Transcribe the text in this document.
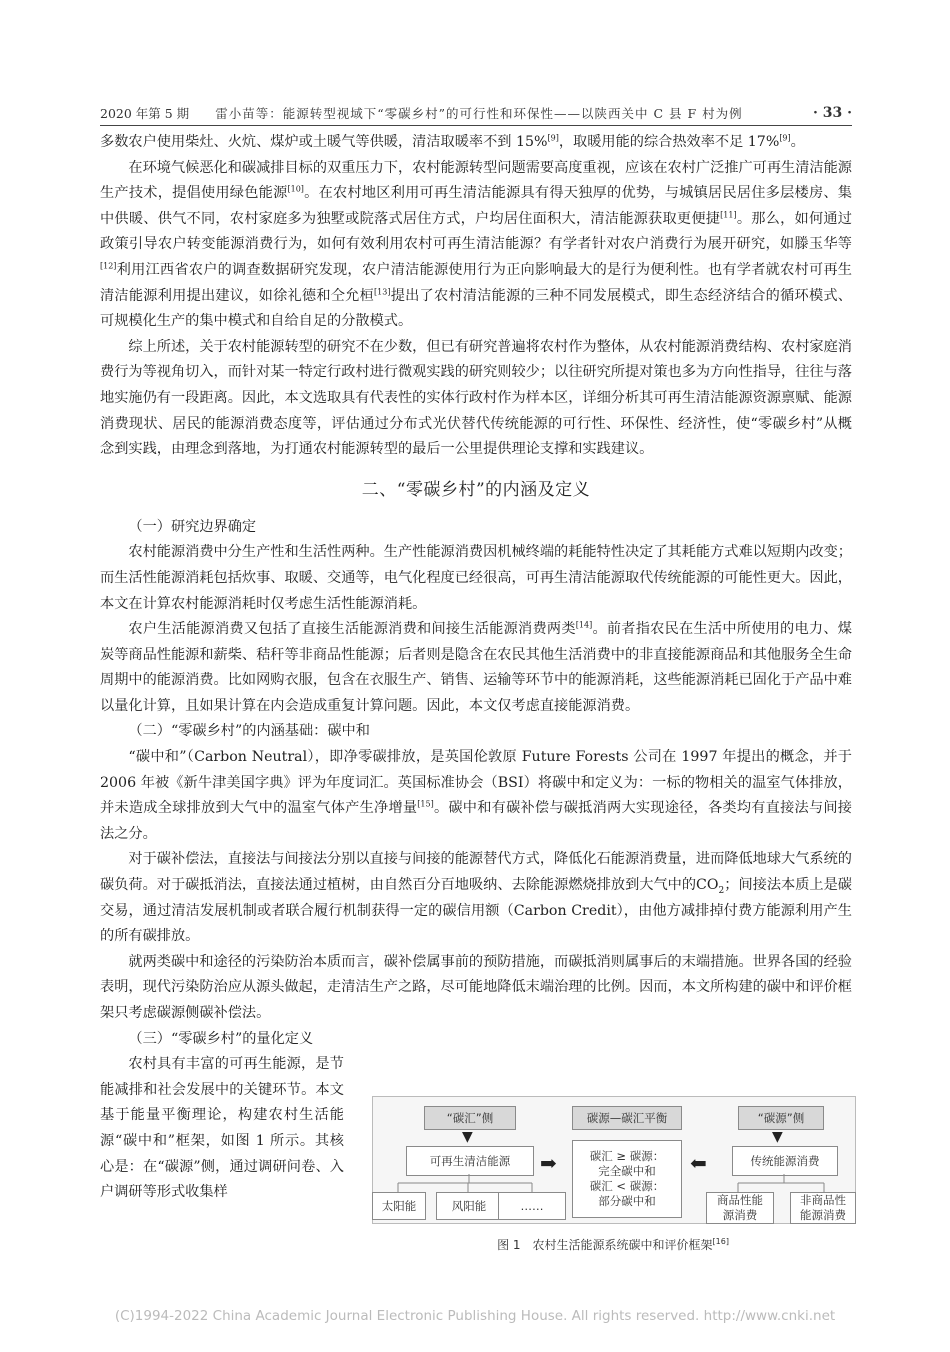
2020 年第 5 期 雷小苗等：能源转型视域下“零碳乡村”的可行性和环保性——以陕西关中 C 县 F 村为例	· 33 ·

多数农户使用柴灶、火炕、煤炉或土暖气等供暖，清洁取暖率不到 15%[9]，取暖用能的综合热效率不足 17%[9]。

在环境气候恶化和碳减排目标的双重压力下，农村能源转型问题需要高度重视，应该在农村广泛推广可再生清洁能源生产技术，提倡使用绿色能源[10]。在农村地区利用可再生清洁能源具有得天独厚的优势，与城镇居民居住多层楼房、集中供暖、供气不同，农村家庭多为独墅或院落式居住方式，户均居住面积大，清洁能源获取更便捷[11]。那么，如何通过政策引导农户转变能源消费行为，如何有效利用农村可再生清洁能源？有学者针对农户消费行为展开研究，如滕玉华等[12]利用江西省农户的调查数据研究发现，农户清洁能源使用行为正向影响最大的是行为便利性。也有学者就农村可再生清洁能源利用提出建议，如徐礼德和仝允桓[13]提出了农村清洁能源的三种不同发展模式，即生态经济结合的循环模式、可规模化生产的集中模式和自给自足的分散模式。

综上所述，关于农村能源转型的研究不在少数，但已有研究普遍将农村作为整体，从农村能源消费结构、农村家庭消费行为等视角切入，而针对某一特定行政村进行微观实践的研究则较少；以往研究所提对策也多为方向性指导，往往与落地实施仍有一段距离。因此，本文选取具有代表性的实体行政村作为样本区，详细分析其可再生清洁能源资源禀赋、能源消费现状、居民的能源消费态度等，评估通过分布式光伏替代传统能源的可行性、环保性、经济性，使“零碳乡村”从概念到实践，由理念到落地，为打通农村能源转型的最后一公里提供理论支撑和实践建议。

二、“零碳乡村”的内涵及定义

（一）研究边界确定

农村能源消费中分生产性和生活性两种。生产性能源消费因机械终端的耗能特性决定了其耗能方式难以短期内改变；而生活性能源消耗包括炊事、取暖、交通等，电气化程度已经很高，可再生清洁能源取代传统能源的可能性更大。因此，本文在计算农村能源消耗时仅考虑生活性能源消耗。

农户生活能源消费又包括了直接生活能源消费和间接生活能源消费两类[14]。前者指农民在生活中所使用的电力、煤炭等商品性能源和薪柴、秸秆等非商品性能源；后者则是隐含在农民其他生活消费中的非直接能源商品和其他服务全生命周期中的能源消费。比如网购衣服，包含在衣服生产、销售、运输等环节中的能源消耗，这些能源消耗已固化于产品中难以量化计算，且如果计算在内会造成重复计算问题。因此，本文仅考虑直接能源消费。

（二）“零碳乡村”的内涵基础：碳中和

“碳中和”（Carbon Neutral），即净零碳排放，是英国伦敦原 Future Forests 公司在 1997 年提出的概念，并于 2006 年被《新牛津美国字典》评为年度词汇。英国标准协会（BSI）将碳中和定义为：一标的物相关的温室气体排放，并未造成全球排放到大气中的温室气体产生净增量[15]。碳中和有碳补偿与碳抵消两大实现途径，各类均有直接法与间接法之分。

对于碳补偿法，直接法与间接法分别以直接与间接的能源替代方式，降低化石能源消费量，进而降低地球大气系统的碳负荷。对于碳抵消法，直接法通过植树，由自然百分百地吸纳、去除能源燃烧排放到大气中的$CO_2$；间接法本质上是碳交易，通过清洁发展机制或者联合履行机制获得一定的碳信用额（Carbon Credit），由他方减排掉付费方能源利用产生的所有碳排放。

就两类碳中和途径的污染防治本质而言，碳补偿属事前的预防措施，而碳抵消则属事后的末端措施。世界各国的经验表明，现代污染防治应从源头做起，走清洁生产之路，尽可能地降低末端治理的比例。因而，本文所构建的碳中和评价框架只考虑碳源侧碳补偿法。

（三）“零碳乡村”的量化定义

农村具有丰富的可再生能源，是节能减排和社会发展中的关键环节。本文基于能量平衡理论，构建农村生活能源“碳中和”框架，如图 1 所示。其核心是：在“碳源”侧，通过调研问卷、入户调研等形式收集样

“碳汇”侧
▼
可再生清洁能源
太阳能	风阳能	……
➡
碳源—碳汇平衡
碳汇 ≥ 碳源：
完全碳中和
碳汇 < 碳源：
部分碳中和
⬅
“碳源”侧
▼
传统能源消费
商品性能
源消费
非商品性
能源消费
图 1　农村生活能源系统碳中和评价框架[16]
(C)1994-2022 China Academic Journal Electronic Publishing House. All rights reserved. http://www.cnki.net
